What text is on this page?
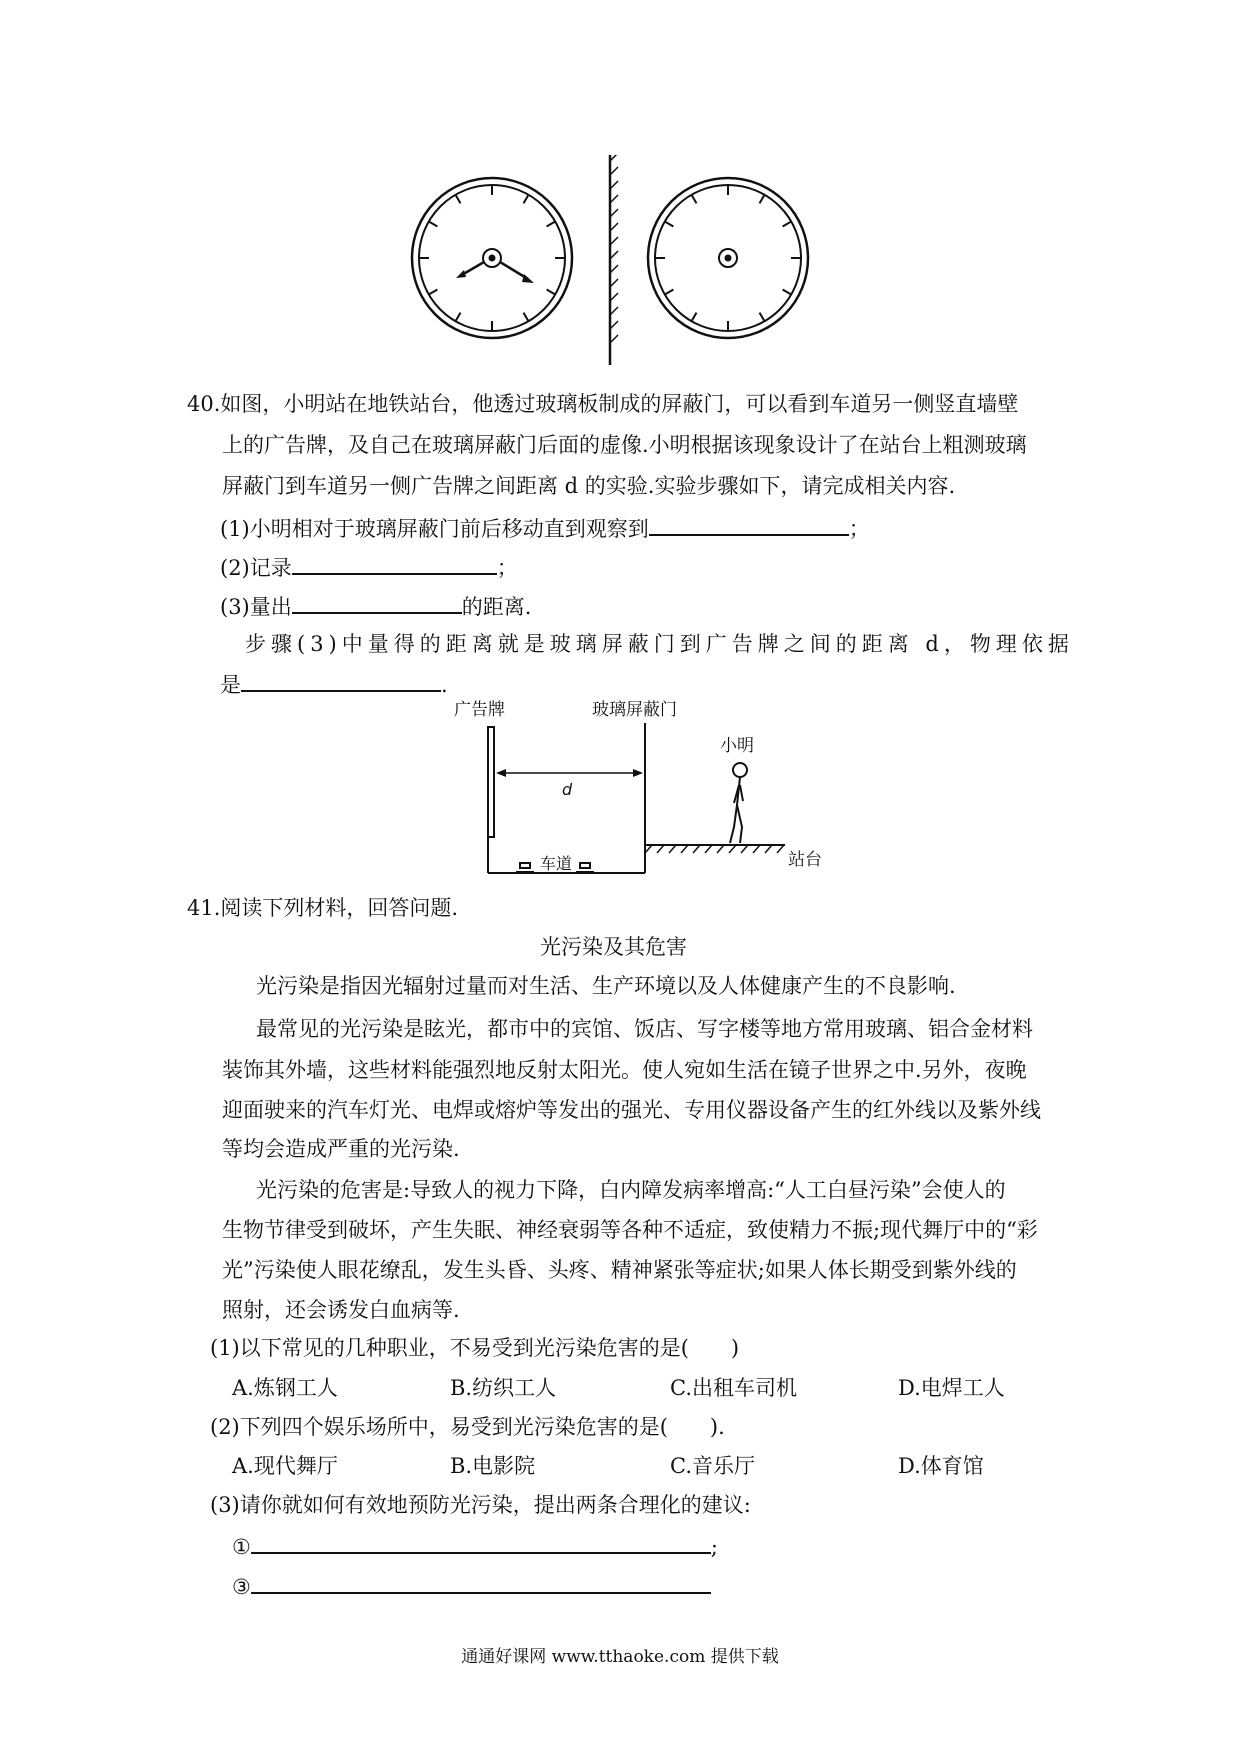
40.如图，小明站在地铁站台，他透过玻璃板制成的屏蔽门，可以看到车道另一侧竖直墙壁
上的广告牌，及自己在玻璃屏蔽门后面的虚像.小明根据该现象设计了在站台上粗测玻璃
屏蔽门到车道另一侧广告牌之间距离 d 的实验.实验步骤如下，请完成相关内容.
(1)小明相对于玻璃屏蔽门前后移动直到观察到	；
(2)记录	；
(3)量出	的距离.
步骤(3)中量得的距离就是玻璃屏蔽门到广告牌之间的距离 d，物理依据
是	.
广告牌	玻璃屏蔽门
d
车道	站台
小明
41.阅读下列材料，回答问题.
光污染及其危害
光污染是指因光辐射过量而对生活、生产环境以及人体健康产生的不良影响.
最常见的光污染是眩光，都市中的宾馆、饭店、写字楼等地方常用玻璃、铝合金材料
装饰其外墙，这些材料能强烈地反射太阳光。使人宛如生活在镜子世界之中.另外，夜晚
迎面驶来的汽车灯光、电焊或熔炉等发出的强光、专用仪器设备产生的红外线以及紫外线
等均会造成严重的光污染.
光污染的危害是:导致人的视力下降，白内障发病率增高:“人工白昼污染”会使人的
生物节律受到破坏，产生失眠、神经衰弱等各种不适症，致使精力不振;现代舞厅中的“彩
光”污染使人眼花缭乱，发生头昏、头疼、精神紧张等症状;如果人体长期受到紫外线的
照射，还会诱发白血病等.
(1)以下常见的几种职业，不易受到光污染危害的是(　　)
A.炼钢工人	B.纺织工人	C.出租车司机	D.电焊工人
(2)下列四个娱乐场所中，易受到光污染危害的是(　　).
A.现代舞厅	B.电影院	C.音乐厅	D.体育馆
(3)请你就如何有效地预防光污染，提出两条合理化的建议:
①	;
③
通通好课网 www.tthaoke.com 提供下载
